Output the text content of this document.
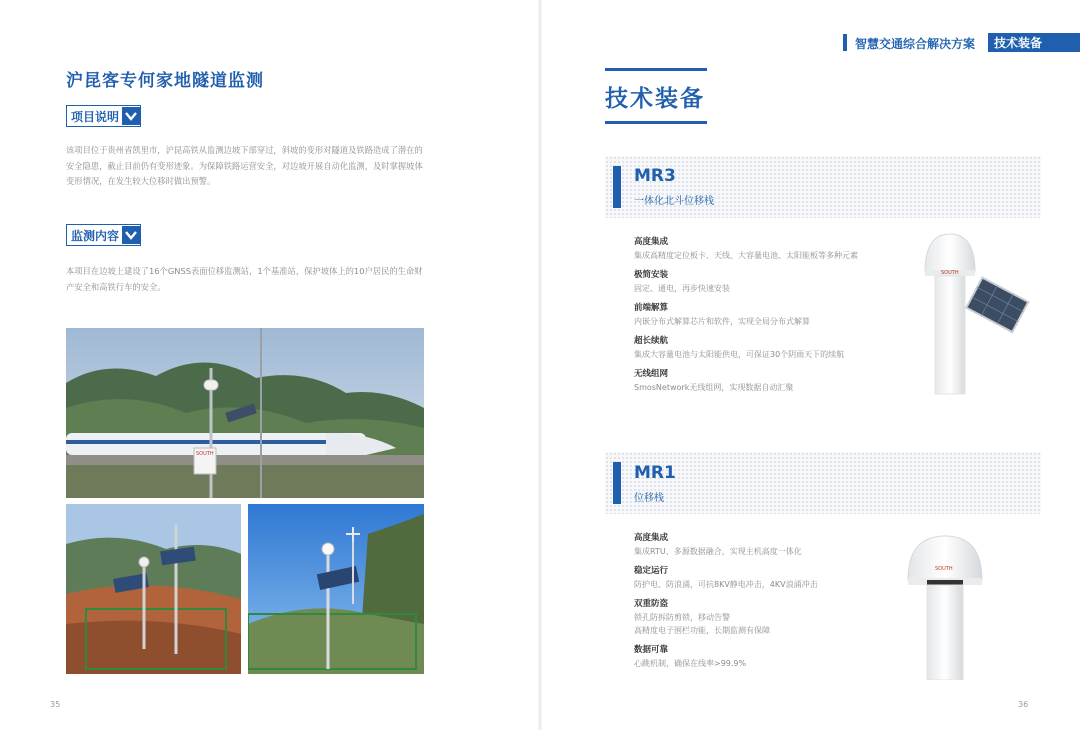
沪昆客专何家地隧道监测
项目说明
该项目位于贵州省凯里市，沪昆高铁从监测边坡下部穿过，斜坡的变形对隧道及铁路造成了潜在的安全隐患，截止目前仍有变形迹象。为保障铁路运营安全，对边坡开展自动化监测，及时掌握坡体变形情况，在发生较大位移时做出预警。
监测内容
本项目在边坡上建设了16个GNSS表面位移监测站，1个基准站，保护坡体上的10户居民的生命财产安全和高铁行车的安全。
SOUTH
35
智慧交通综合解决方案	技术装备
技术装备
MR3
一体化北斗位移栈
高度集成
集成高精度定位板卡、天线、大容量电池、太阳能板等多种元素
极简安装
固定、通电，再步快速安装
前端解算
内嵌分布式解算芯片和软件，实现全局分布式解算
超长续航
集成大容量电池与太阳能供电，可保证30个阴雨天下的续航
无线组网
SmosNetwork无线组网，实现数据自动汇聚
SOUTH
MR1
位移栈
高度集成
集成RTU、多源数据融合，实现主机高度一体化
稳定运行
防护电、防浪涌，可抗8KV静电冲击，4KV浪涌冲击
双重防盗
锁孔防拆防剪锁，移动告警
高精度电子围栏功能，长期监测有保障
数据可靠
心跳机制，确保在线率>99.9%
SOUTH
36
